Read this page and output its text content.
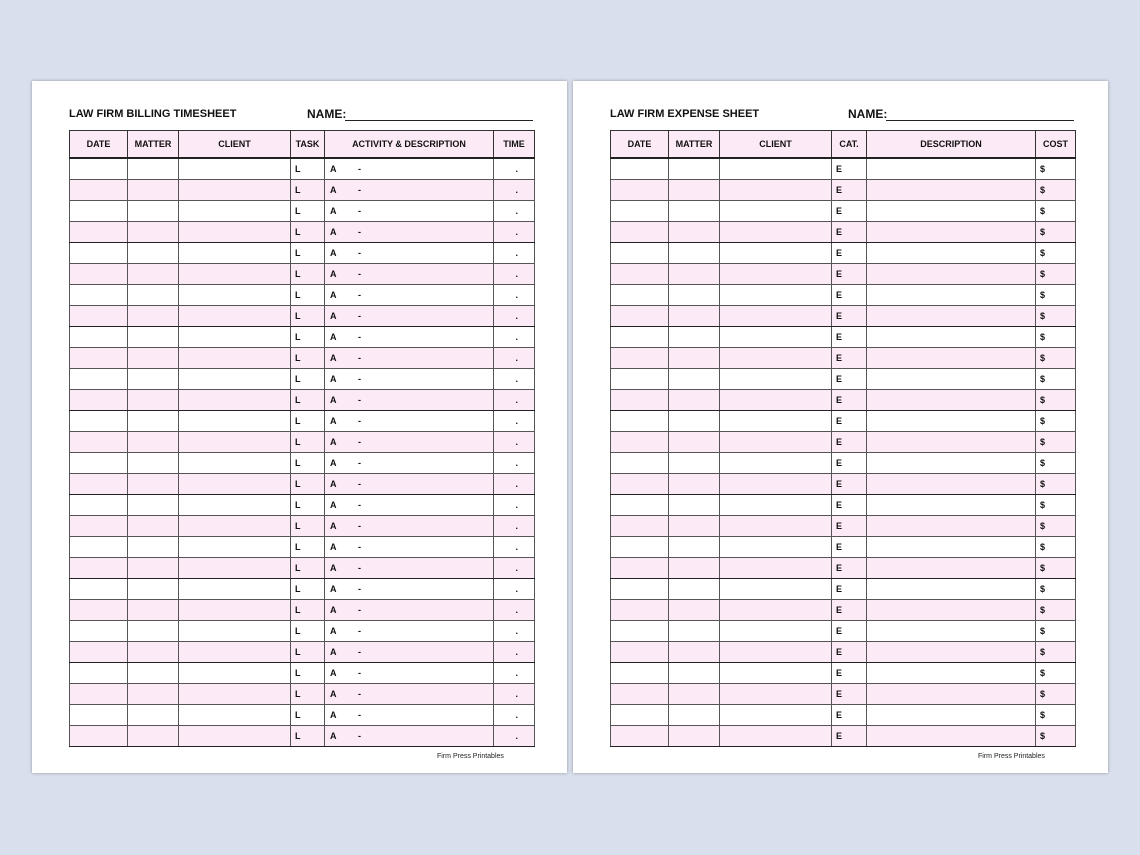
LAW FIRM BILLING TIMESHEET	NAME:
DATE	MATTER	CLIENT	TASK	ACTIVITY & DESCRIPTION	TIME
			L	A -	.
			L	A -	.
			L	A -	.
			L	A -	.
			L	A -	.
			L	A -	.
			L	A -	.
			L	A -	.
			L	A -	.
			L	A -	.
			L	A -	.
			L	A -	.
			L	A -	.
			L	A -	.
			L	A -	.
			L	A -	.
			L	A -	.
			L	A -	.
			L	A -	.
			L	A -	.
			L	A -	.
			L	A -	.
			L	A -	.
			L	A -	.
			L	A -	.
			L	A -	.
			L	A -	.
			L	A -	.
Firm Press Printables
LAW FIRM EXPENSE SHEET	NAME:
DATE	MATTER	CLIENT	CAT.	DESCRIPTION	COST
			E		$
			E		$
			E		$
			E		$
			E		$
			E		$
			E		$
			E		$
			E		$
			E		$
			E		$
			E		$
			E		$
			E		$
			E		$
			E		$
			E		$
			E		$
			E		$
			E		$
			E		$
			E		$
			E		$
			E		$
			E		$
			E		$
			E		$
			E		$
Firm Press Printables
